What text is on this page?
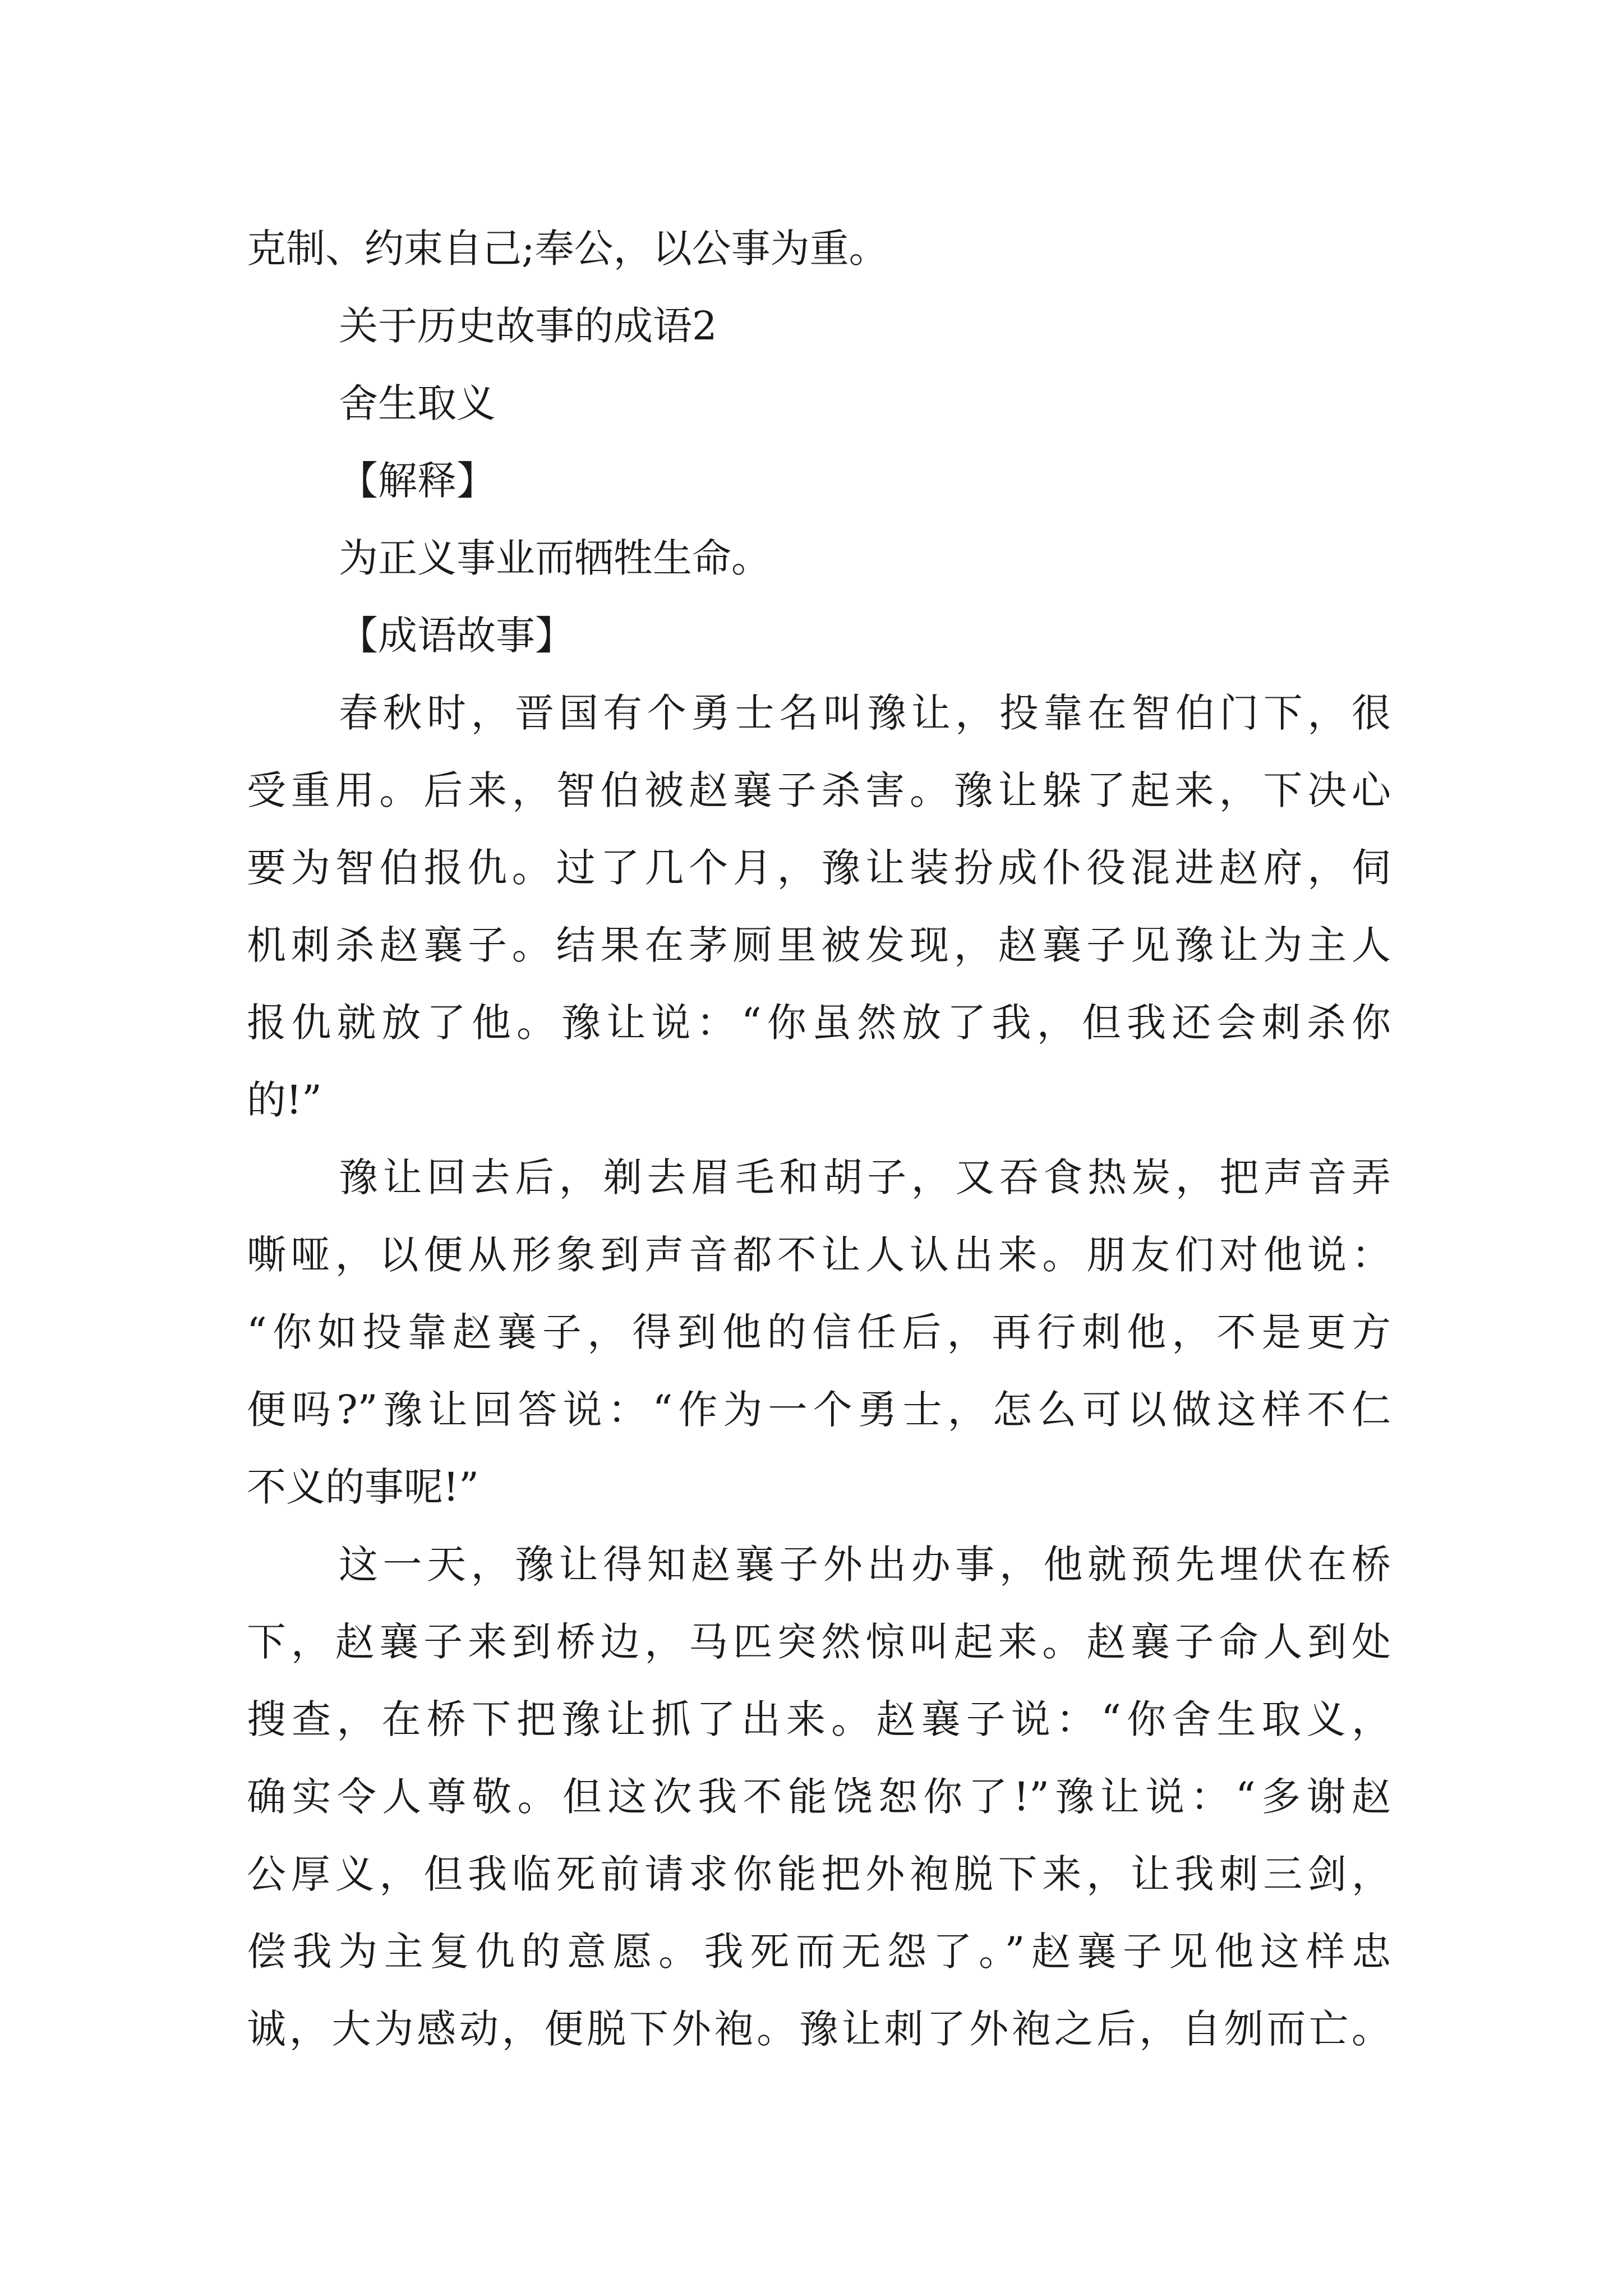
克制、约束自己;奉公，以公事为重。
关于历史故事的成语2
舍生取义
【解释】
为正义事业而牺牲生命。
【成语故事】
春秋时，晋国有个勇士名叫豫让，投靠在智伯门下，很
受重用。后来，智伯被赵襄子杀害。豫让躲了起来，下决心
要为智伯报仇。过了几个月，豫让装扮成仆役混进赵府，伺
机刺杀赵襄子。结果在茅厕里被发现，赵襄子见豫让为主人
报仇就放了他。豫让说：“你虽然放了我，但我还会刺杀你
的!”
豫让回去后，剃去眉毛和胡子，又吞食热炭，把声音弄
嘶哑，以便从形象到声音都不让人认出来。朋友们对他说：
“你如投靠赵襄子，得到他的信任后，再行刺他，不是更方
便吗?”豫让回答说：“作为一个勇士，怎么可以做这样不仁
不义的事呢!”
这一天，豫让得知赵襄子外出办事，他就预先埋伏在桥
下，赵襄子来到桥边，马匹突然惊叫起来。赵襄子命人到处
搜查，在桥下把豫让抓了出来。赵襄子说：“你舍生取义，
确实令人尊敬。但这次我不能饶恕你了!”豫让说：“多谢赵
公厚义，但我临死前请求你能把外袍脱下来，让我刺三剑，
偿我为主复仇的意愿。我死而无怨了。”赵襄子见他这样忠
诚，大为感动，便脱下外袍。豫让刺了外袍之后，自刎而亡。
